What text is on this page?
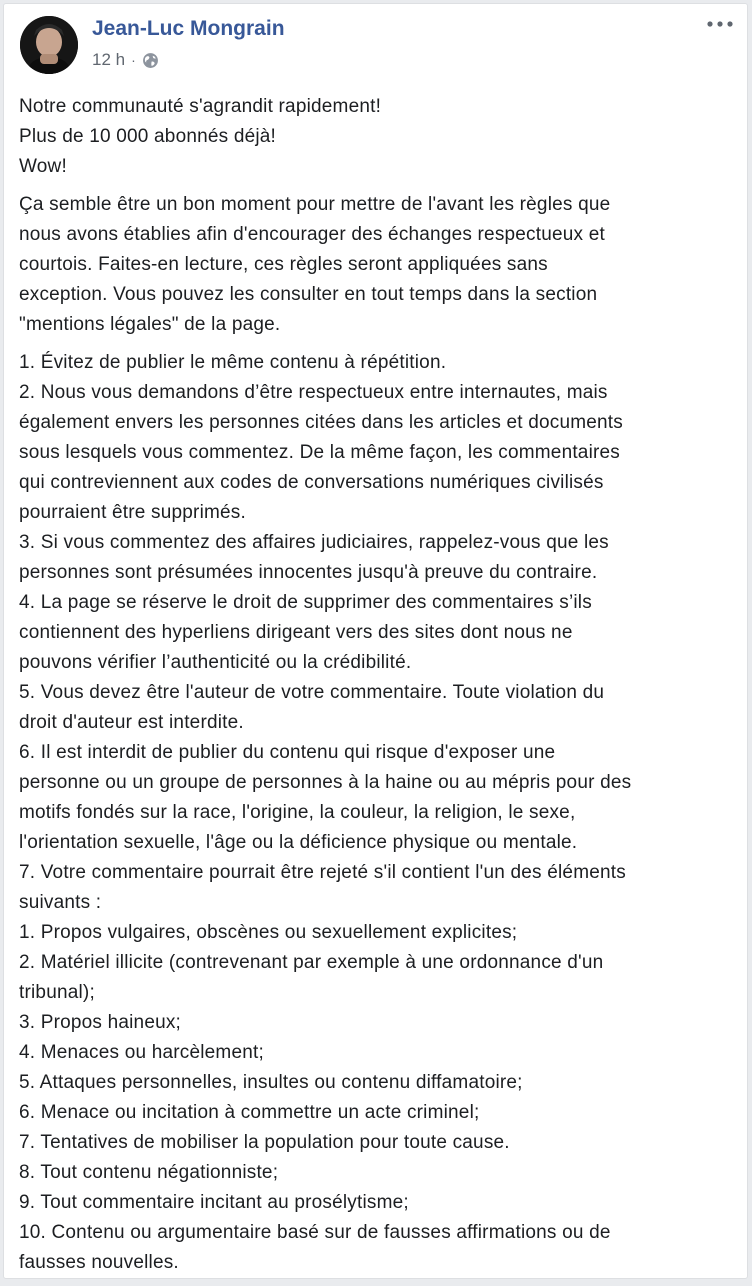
Jean-Luc Mongrain
12 h ·

Notre communauté s'agrandit rapidement!

Plus de 10 000 abonnés déjà!

Wow!

Ça semble être un bon moment pour mettre de l'avant les règles que

nous avons établies afin d'encourager des échanges respectueux et

courtois. Faites-en lecture, ces règles seront appliquées sans

exception. Vous pouvez les consulter en tout temps dans la section

"mentions légales" de la page.

1. Évitez de publier le même contenu à répétition.

2. Nous vous demandons d’être respectueux entre internautes, mais

également envers les personnes citées dans les articles et documents

sous lesquels vous commentez. De la même façon, les commentaires

qui contreviennent aux codes de conversations numériques civilisés

pourraient être supprimés.

3. Si vous commentez des affaires judiciaires, rappelez-vous que les

personnes sont présumées innocentes jusqu'à preuve du contraire.

4. La page se réserve le droit de supprimer des commentaires s’ils

contiennent des hyperliens dirigeant vers des sites dont nous ne

pouvons vérifier l’authenticité ou la crédibilité.

5. Vous devez être l'auteur de votre commentaire. Toute violation du

droit d'auteur est interdite.

6. Il est interdit de publier du contenu qui risque d'exposer une

personne ou un groupe de personnes à la haine ou au mépris pour des

motifs fondés sur la race, l'origine, la couleur, la religion, le sexe,

l'orientation sexuelle, l'âge ou la déficience physique ou mentale.

7. Votre commentaire pourrait être rejeté s'il contient l'un des éléments

suivants :

1. Propos vulgaires, obscènes ou sexuellement explicites;

2. Matériel illicite (contrevenant par exemple à une ordonnance d'un

tribunal);

3. Propos haineux;

4. Menaces ou harcèlement;

5. Attaques personnelles, insultes ou contenu diffamatoire;

6. Menace ou incitation à commettre un acte criminel;

7. Tentatives de mobiliser la population pour toute cause.

8. Tout contenu négationniste;

9. Tout commentaire incitant au prosélytisme;

10. Contenu ou argumentaire basé sur de fausses affirmations ou de

fausses nouvelles.
